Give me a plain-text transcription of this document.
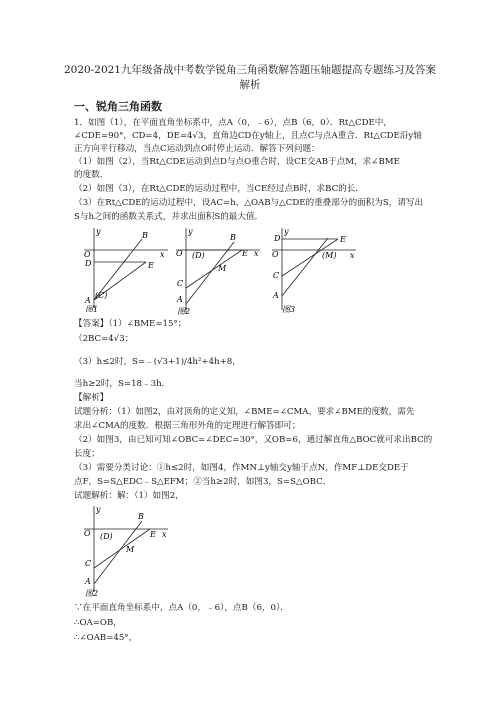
2020-2021九年级备战中考数学锐角三角函数解答题压轴题提高专题练习及答案解析
一、锐角三角函数
1．如图（1），在平面直角坐标系中，点A（0，﹣6），点B（6，0）．Rt△CDE中，
∠CDE=90°，CD=4，DE=4√3，直角边CD在y轴上，且点C与点A重合．Rt△CDE沿y轴
正方向平行移动，当点C运动到点O时停止运动．解答下列问题：
（1）如图（2），当Rt△CDE运动到点D与点O重合时，设CE交AB于点M，求∠BME
的度数．
（2）如图（3），在Rt△CDE的运动过程中，当CE经过点B时，求BC的长．
（3）在Rt△CDE的运动过程中，设AC=h，△OAB与△CDE的重叠部分的面积为S，请写出
S与h之间的函数关系式，并求出面积S的最大值．
y	B
x
O
D	E
A
(C)
图1
y
B
E x
O (D)
M
C
A
图2
y
D	E
O	(M) x
C
A
图3
【答案】（1）∠BME=15°；
（2BC=4√3；
（3）h≤2时，S=﹣(√3+1)/4h²+4h+8，
当h≥2时，S=18﹣3h．
【解析】
试题分析：（1）如图2，由对顶角的定义知，∠BME=∠CMA，要求∠BME的度数，需先
求出∠CMA的度数．根据三角形外角的定理进行解答即可；
（2）如图3，由已知可知∠OBC=∠DEC=30°，又OB=6，通过解直角△BOC就可求出BC的
长度；
（3）需要分类讨论：①h≤2时，如图4，作MN⊥y轴交y轴于点N，作MF⊥DE交DE于
点F，S=S△EDC﹣S△EFM；②当h≥2时，如图3，S=S△OBC．
试题解析：解：（1）如图2，
y
B
E x
O (D)
M
C
A
图2
∵在平面直角坐标系中，点A（0，﹣6），点B（6，0）．
∴OA=OB，
∴∠OAB=45°，
